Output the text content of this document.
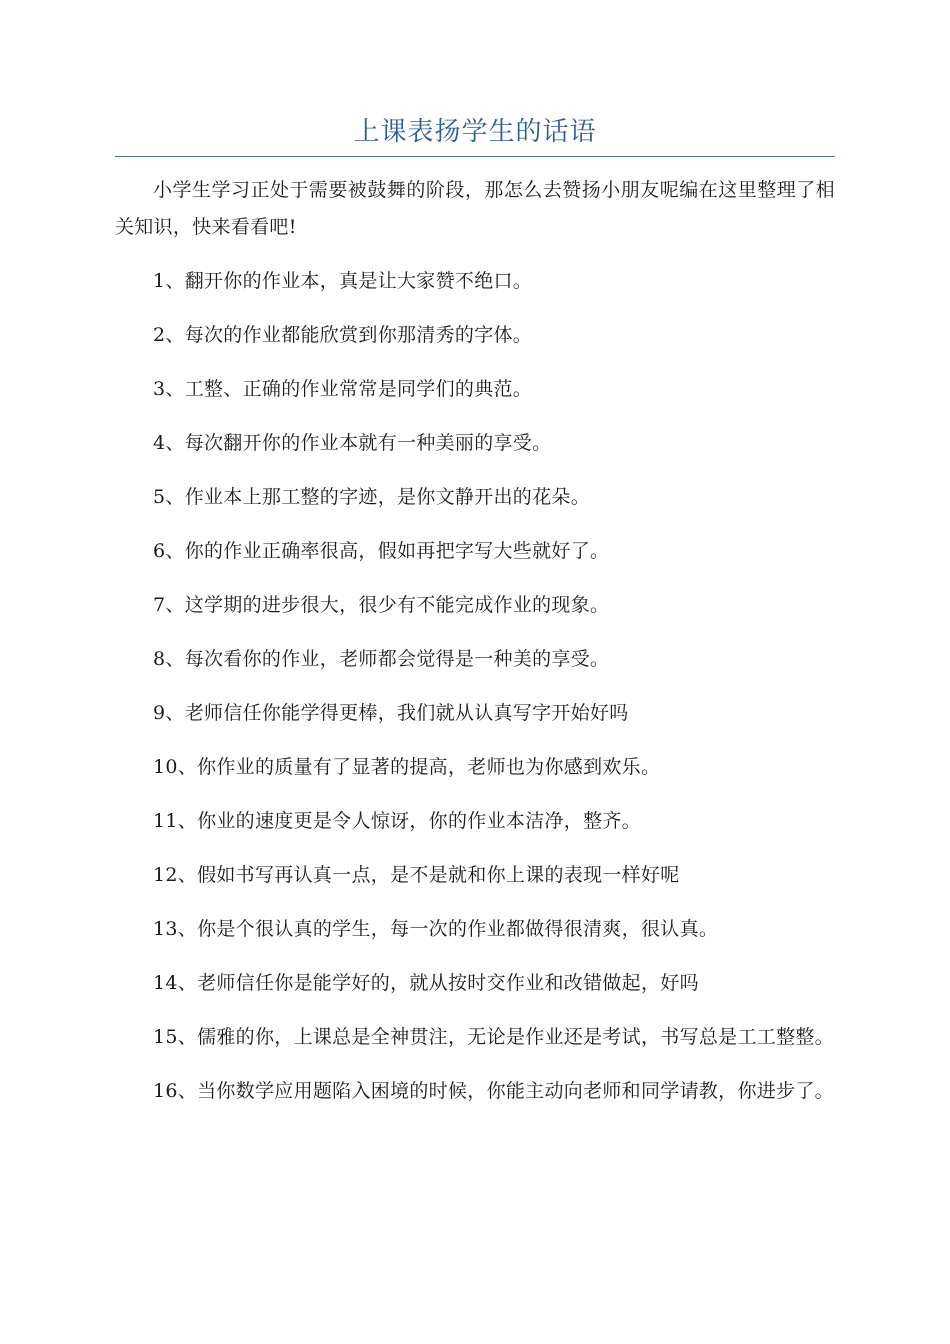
上课表扬学生的话语

小学生学习正处于需要被鼓舞的阶段，那怎么去赞扬小朋友呢编在这里整理了相关知识，快来看看吧!

1、翻开你的作业本，真是让大家赞不绝口。

2、每次的作业都能欣赏到你那清秀的字体。

3、工整、正确的作业常常是同学们的典范。

4、每次翻开你的作业本就有一种美丽的享受。

5、作业本上那工整的字迹，是你文静开出的花朵。

6、你的作业正确率很高，假如再把字写大些就好了。

7、这学期的进步很大，很少有不能完成作业的现象。

8、每次看你的作业，老师都会觉得是一种美的享受。

9、老师信任你能学得更棒，我们就从认真写字开始好吗

10、你作业的质量有了显著的提高，老师也为你感到欢乐。

11、你业的速度更是令人惊讶，你的作业本洁净，整齐。

12、假如书写再认真一点，是不是就和你上课的表现一样好呢

13、你是个很认真的学生，每一次的作业都做得很清爽，很认真。

14、老师信任你是能学好的，就从按时交作业和改错做起，好吗

15、儒雅的你，上课总是全神贯注，无论是作业还是考试，书写总是工工整整。

16、当你数学应用题陷入困境的时候，你能主动向老师和同学请教，你进步了。
